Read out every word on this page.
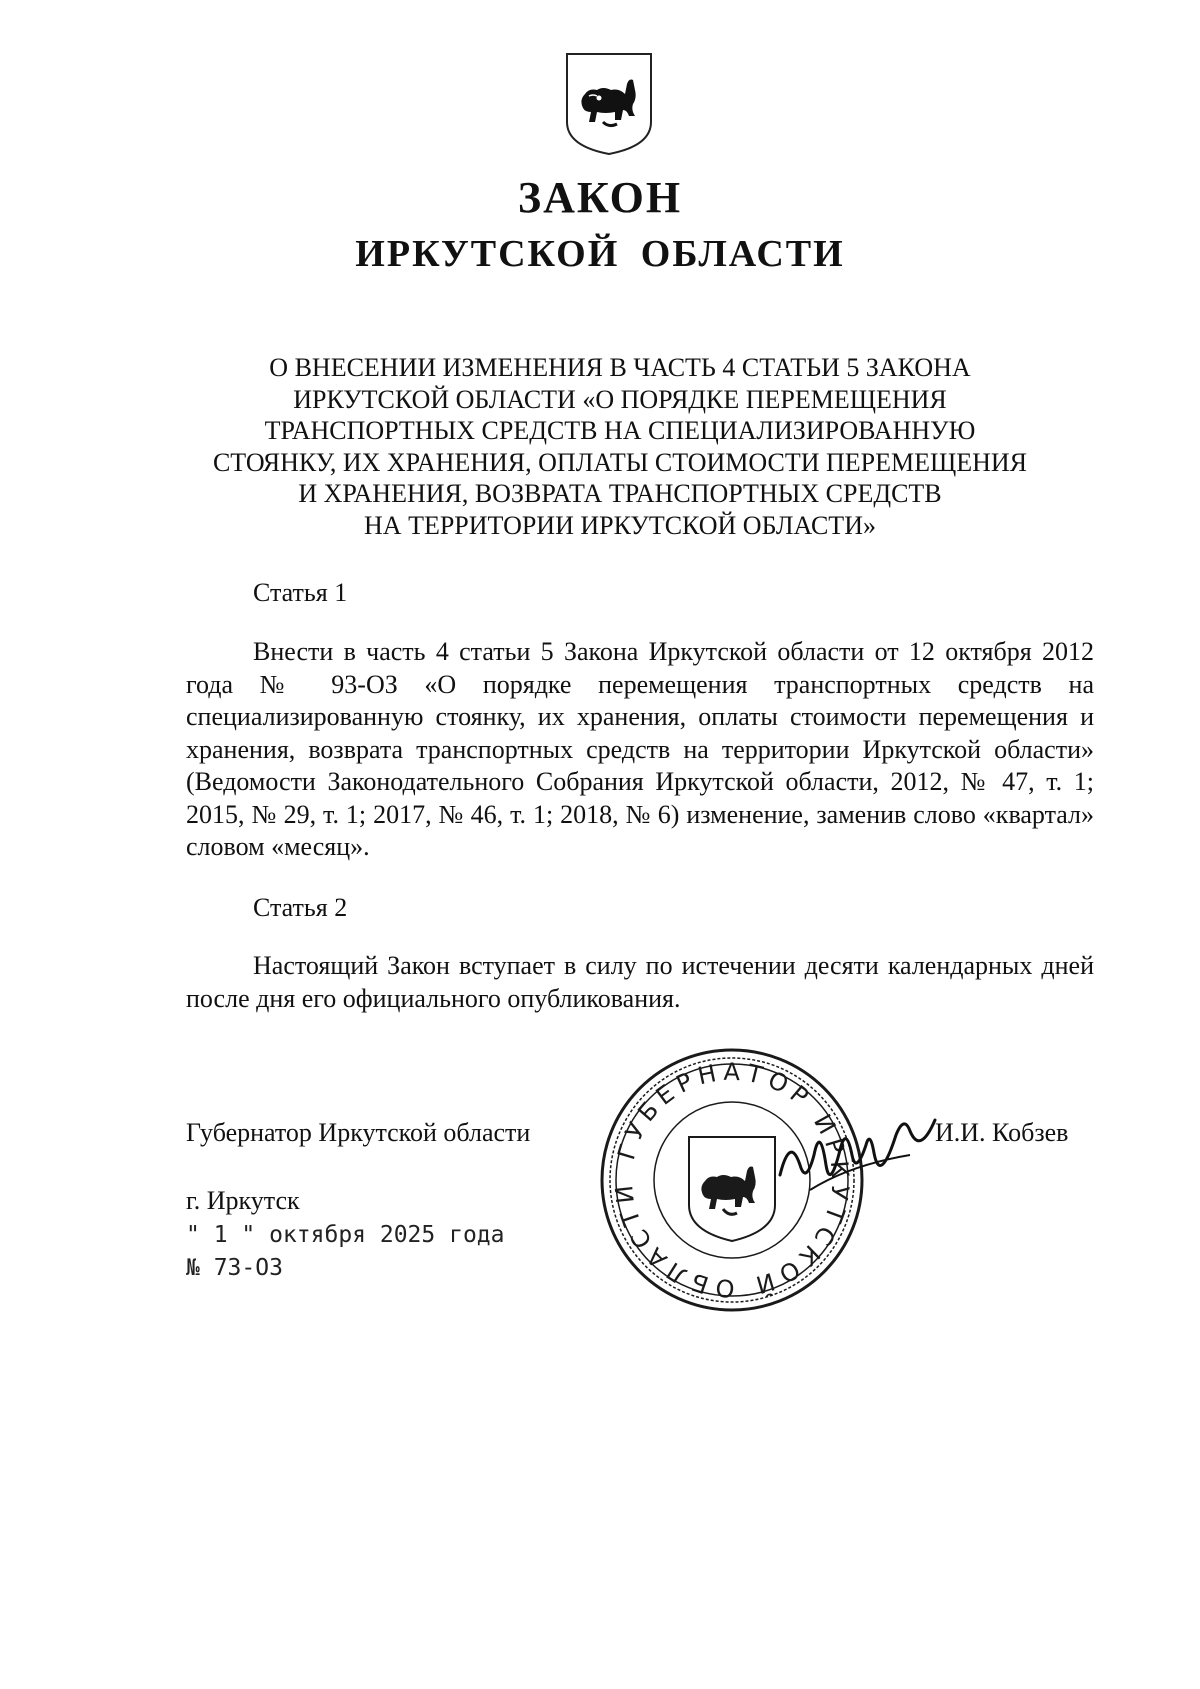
ЗАКОН
ИРКУТСКОЙ ОБЛАСТИ
О ВНЕСЕНИИ ИЗМЕНЕНИЯ В ЧАСТЬ 4 СТАТЬИ 5 ЗАКОНА
ИРКУТСКОЙ ОБЛАСТИ «О ПОРЯДКЕ ПЕРЕМЕЩЕНИЯ
ТРАНСПОРТНЫХ СРЕДСТВ НА СПЕЦИАЛИЗИРОВАННУЮ
СТОЯНКУ, ИХ ХРАНЕНИЯ, ОПЛАТЫ СТОИМОСТИ ПЕРЕМЕЩЕНИЯ
И ХРАНЕНИЯ, ВОЗВРАТА ТРАНСПОРТНЫХ СРЕДСТВ
НА ТЕРРИТОРИИ ИРКУТСКОЙ ОБЛАСТИ»
Статья 1
Внести в часть 4 статьи 5 Закона Иркутской области от 12 октября 2012 года № 93-ОЗ «О порядке перемещения транспортных средств на специализированную стоянку, их хранения, оплаты стоимости перемещения и хранения, возврата транспортных средств на территории Иркутской области» (Ведомости Законодательного Собрания Иркутской области, 2012, № 47, т. 1; 2015, № 29, т. 1; 2017, № 46, т. 1; 2018, № 6) изменение, заменив слово «квартал» словом «месяц».
Статья 2
Настоящий Закон вступает в силу по истечении десяти календарных дней после дня его официального опубликования.
Губернатор Иркутской области	И.И. Кобзев
г. Иркутск
" 1 " октября 2025 года
№ 73-ОЗ
ГУБЕРНАТОР ИРКУТСКОЙ ОБЛАСТИ
